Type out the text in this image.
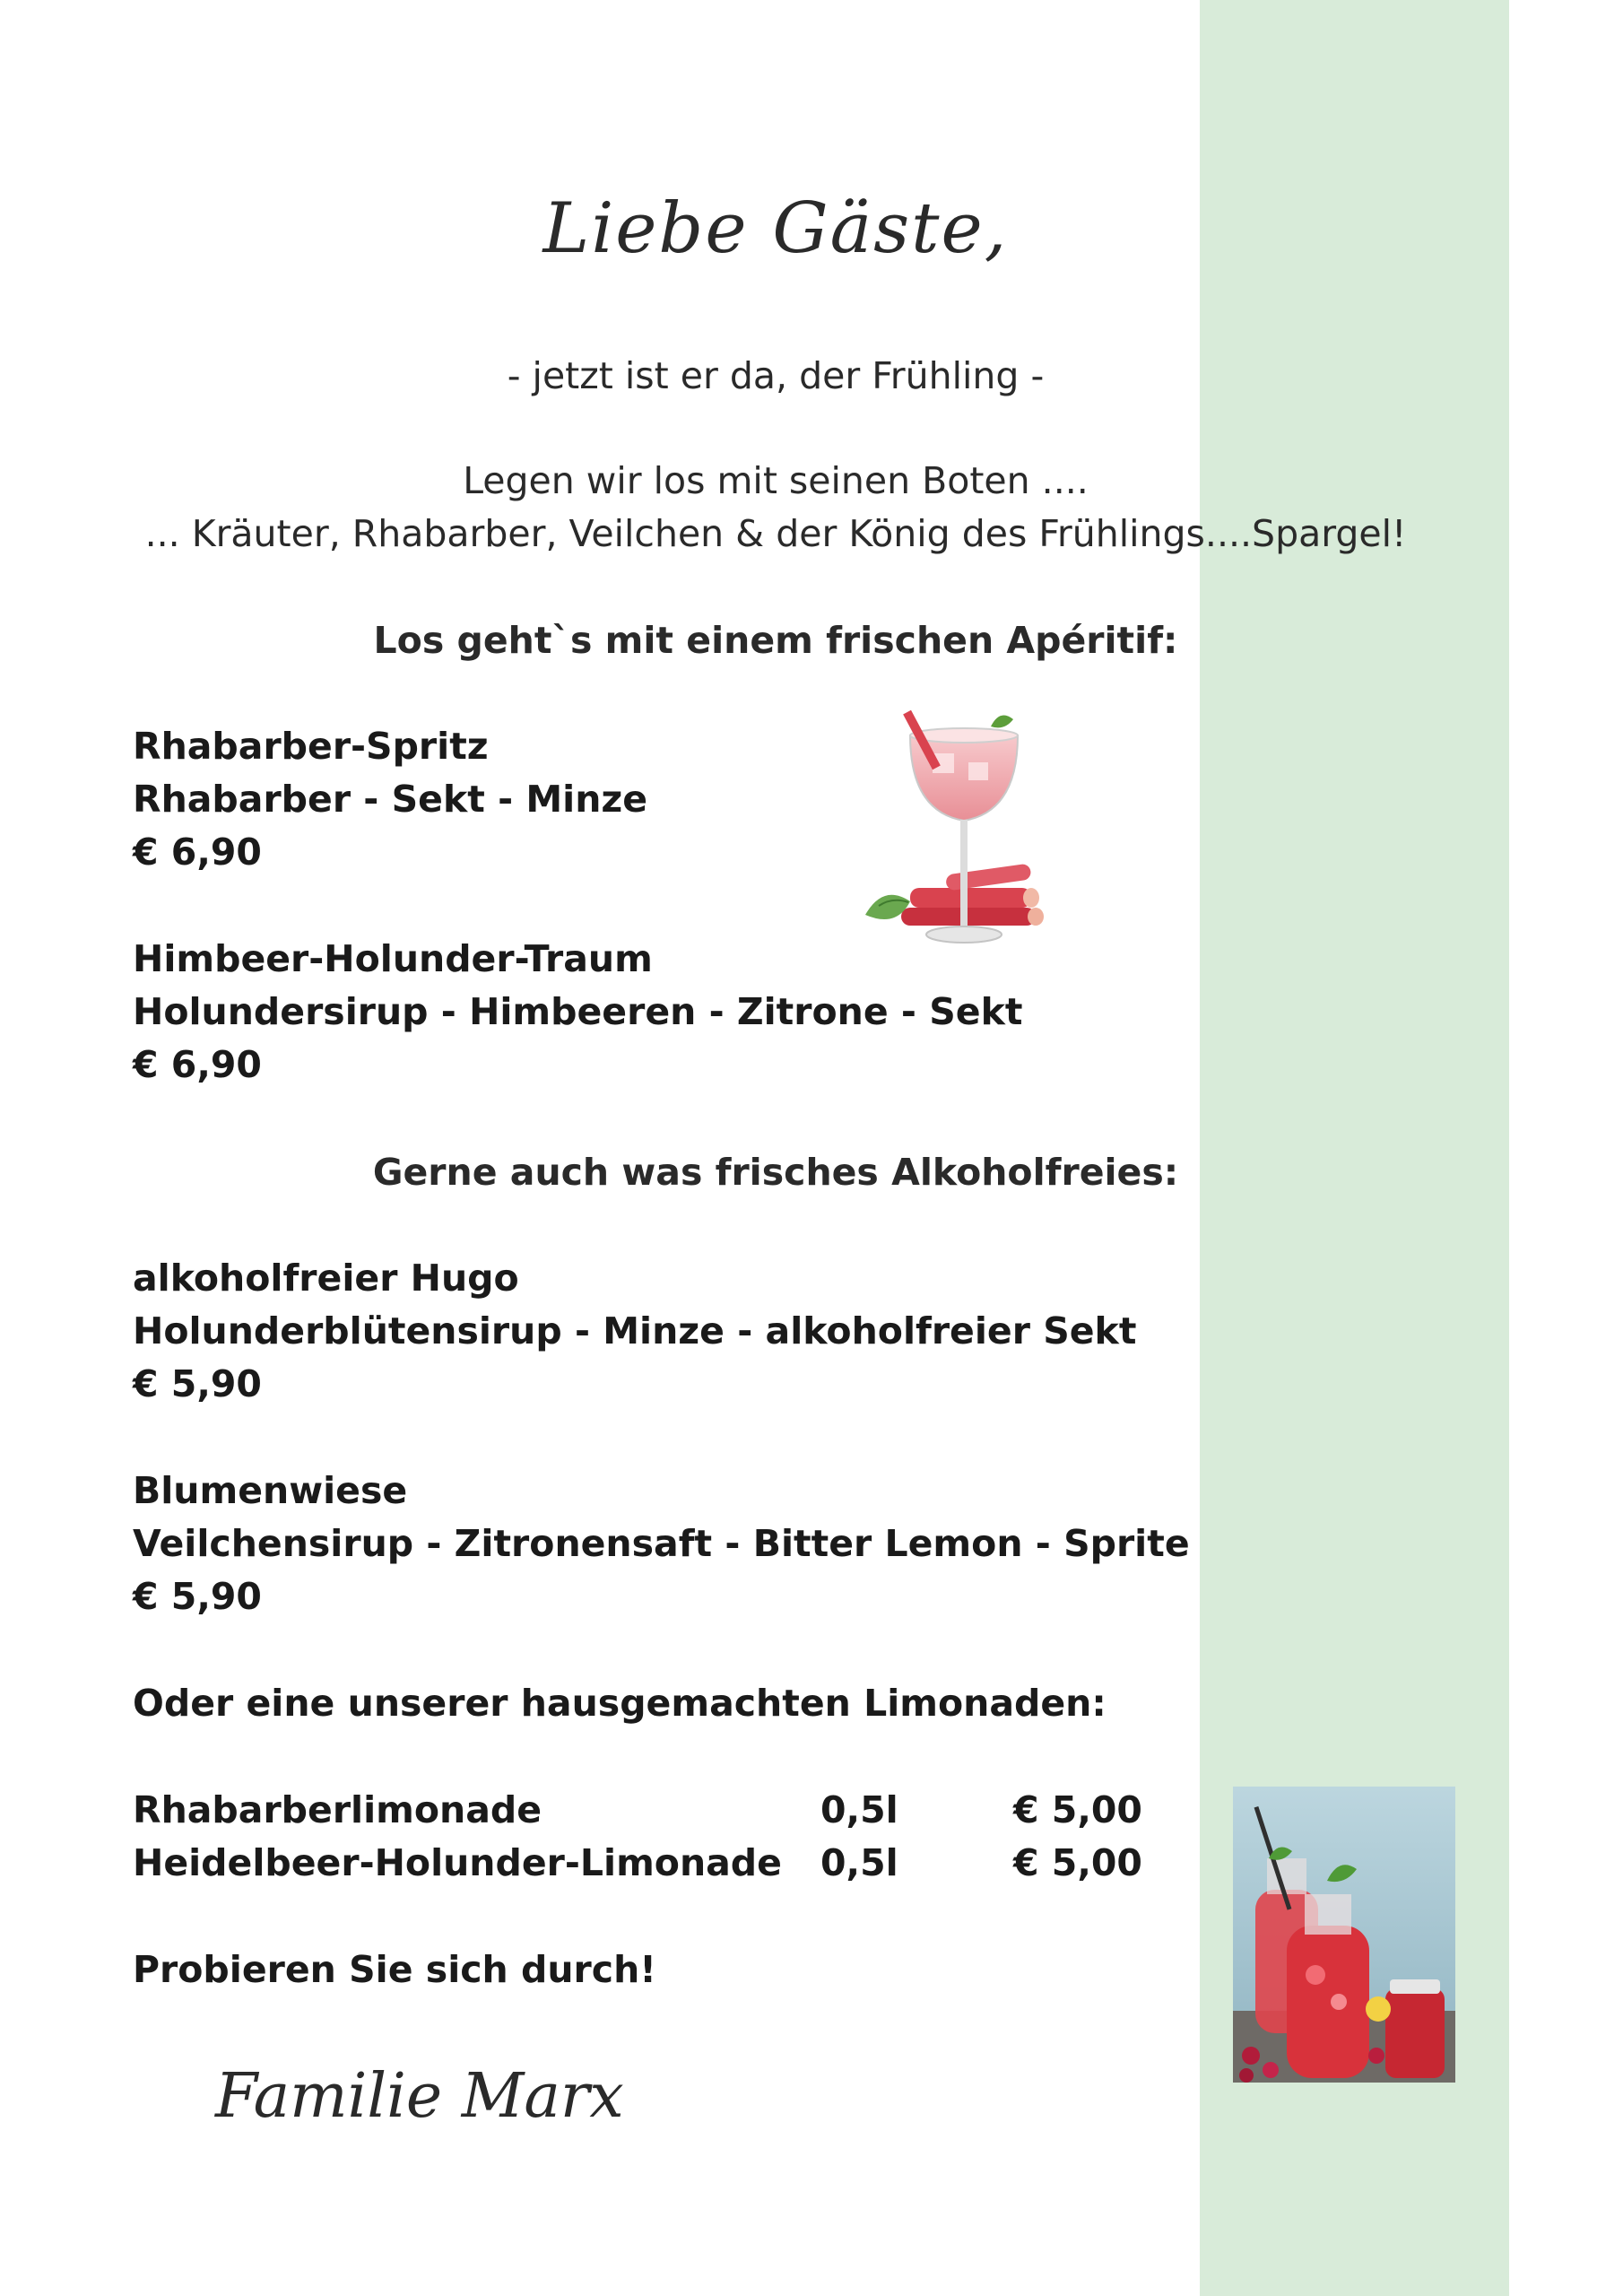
Liebe Gäste,
- jetzt ist er da, der Frühling -
Legen wir los mit seinen Boten ....
... Kräuter, Rhabarber, Veilchen & der König des Frühlings....Spargel!
Los geht`s mit einem frischen Apéritif:
Rhabarber-Spritz
Rhabarber - Sekt - Minze
€ 6,90
Himbeer-Holunder-Traum
Holundersirup - Himbeeren - Zitrone - Sekt
€ 6,90
Gerne auch was frisches Alkoholfreies:
alkoholfreier Hugo
Holunderblütensirup - Minze - alkoholfreier Sekt
€ 5,90
Blumenwiese
Veilchensirup - Zitronensaft - Bitter Lemon - Sprite
€ 5,90
Oder eine unserer hausgemachten Limonaden:
Rhabarberlimonade	0,5l	€ 5,00
Heidelbeer-Holunder-Limonade 0,5l	€ 5,00
Probieren Sie sich durch!
Familie Marx
